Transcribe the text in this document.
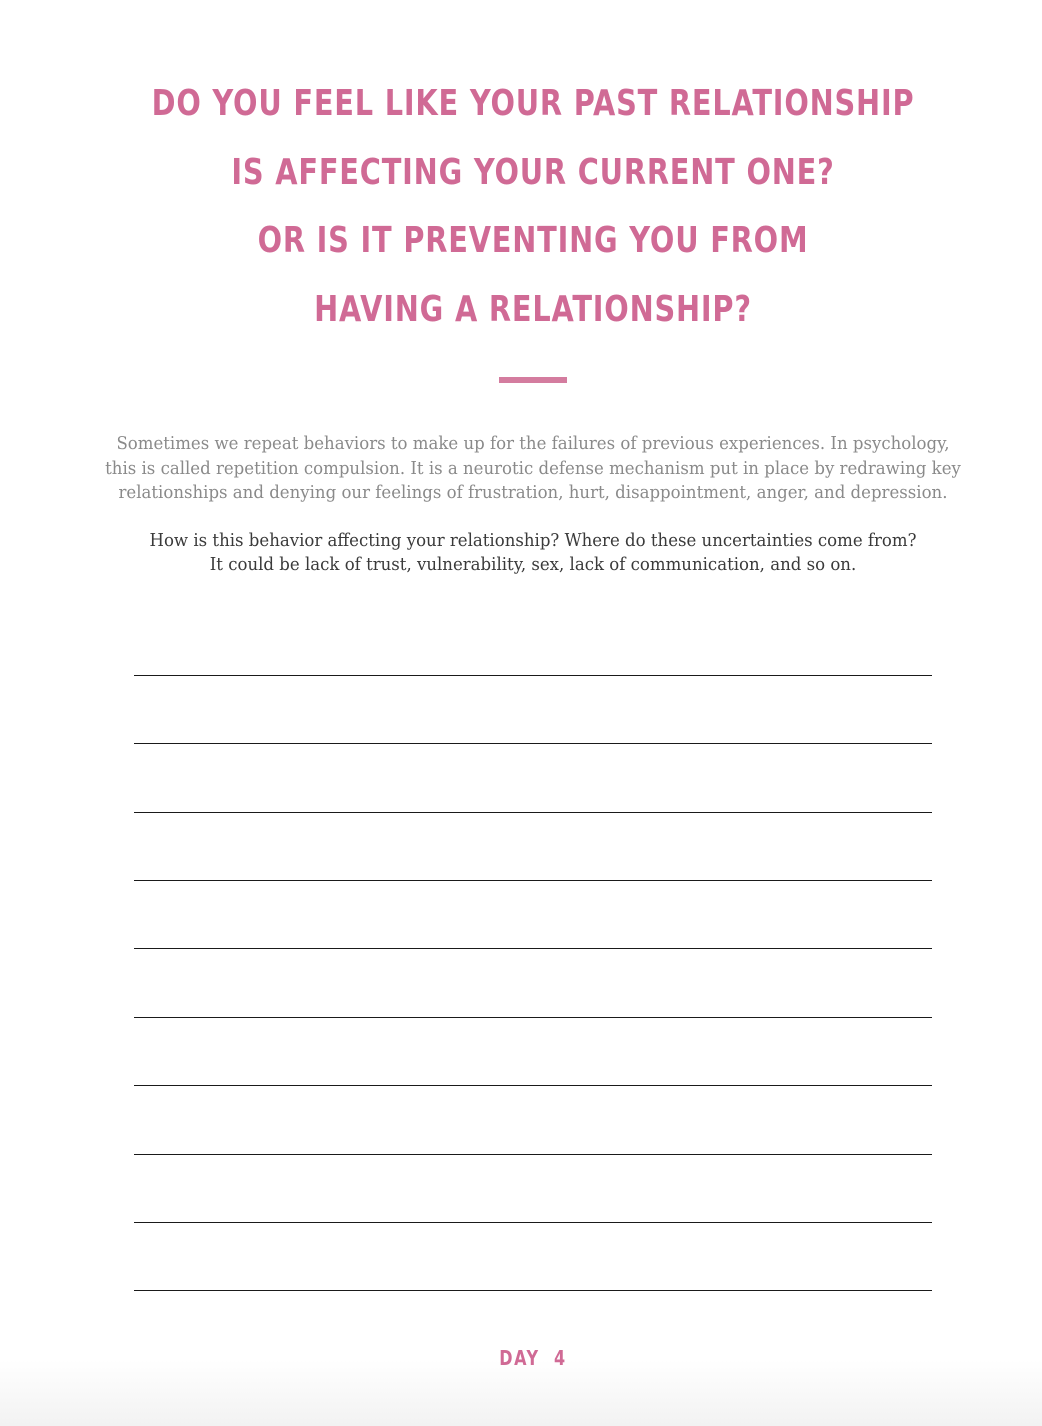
DO YOU FEEL LIKE YOUR PAST RELATIONSHIP
IS AFFECTING YOUR CURRENT ONE?
OR IS IT PREVENTING YOU FROM
HAVING A RELATIONSHIP?
Sometimes we repeat behaviors to make up for the failures of previous experiences. In psychology,
this is called repetition compulsion. It is a neurotic defense mechanism put in place by redrawing key
relationships and denying our feelings of frustration, hurt, disappointment, anger, and depression.
How is this behavior affecting your relationship? Where do these uncertainties come from?
It could be lack of trust, vulnerability, sex, lack of communication, and so on.
DAY  4
